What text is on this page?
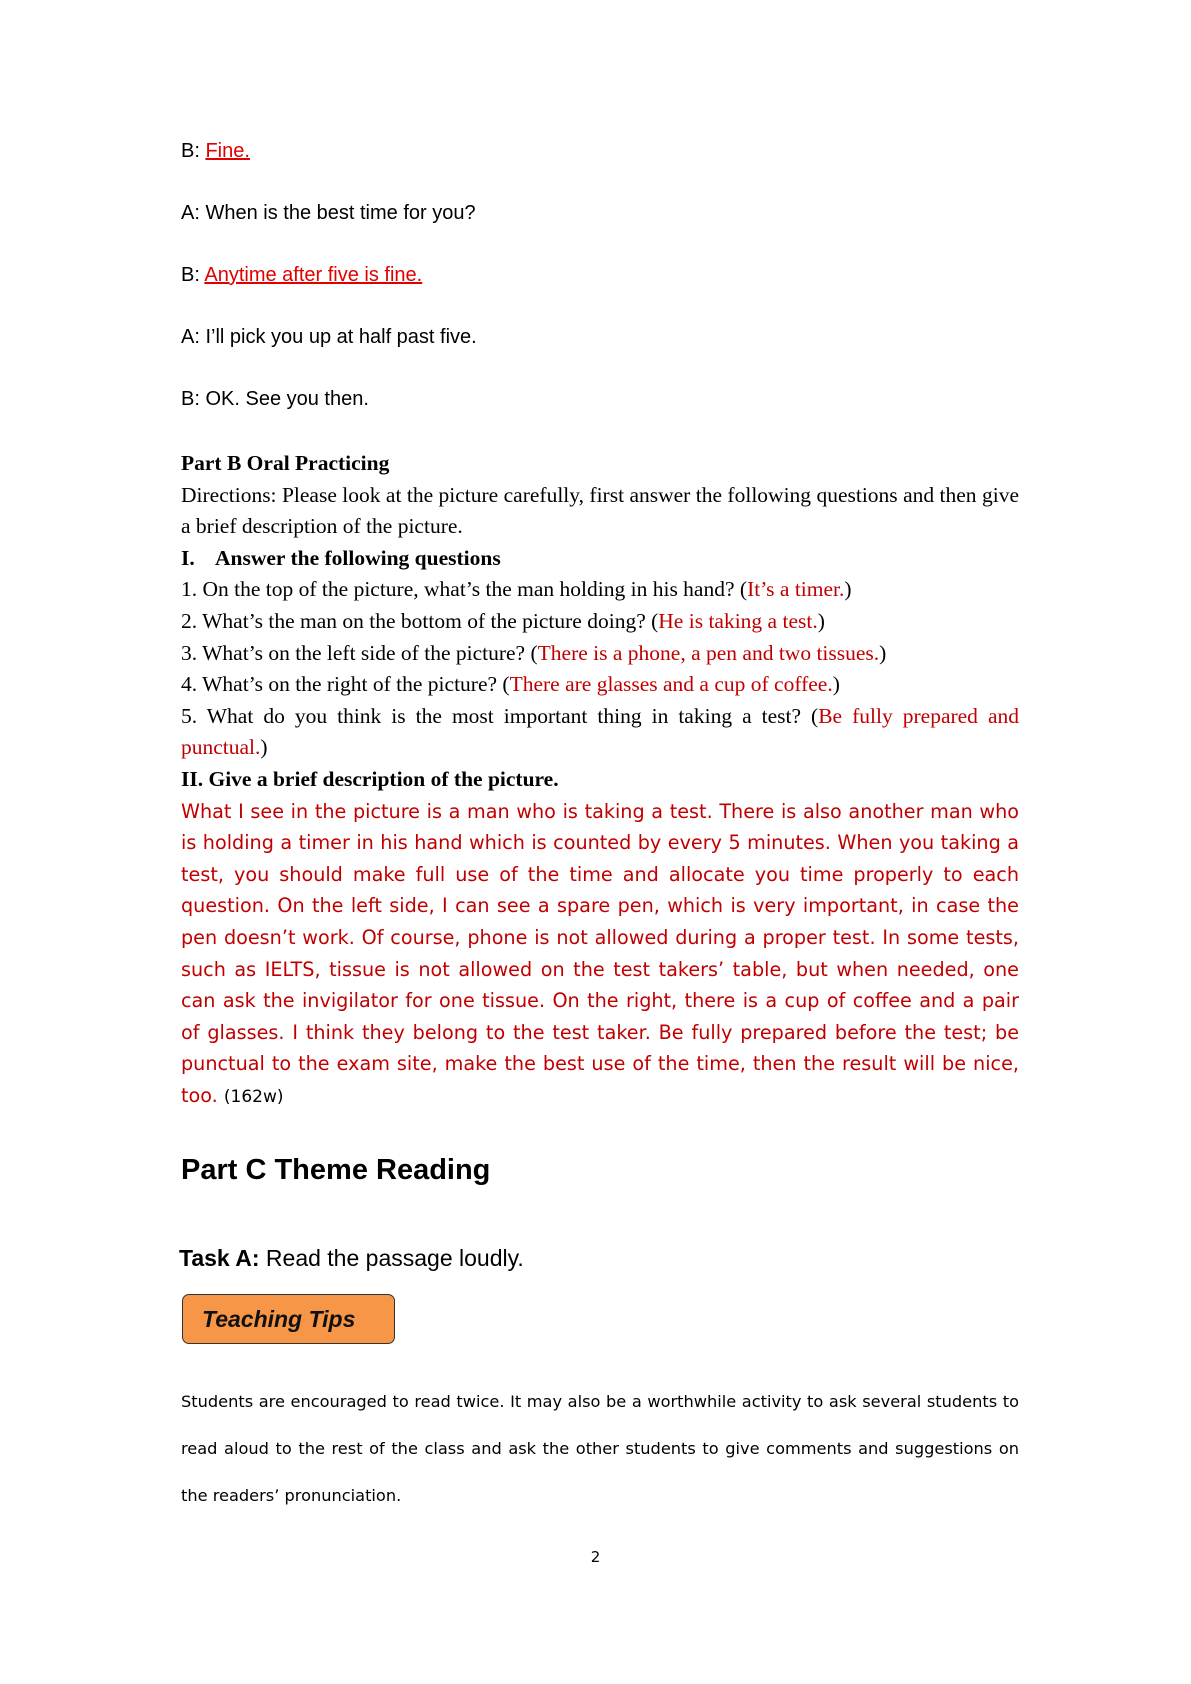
B: Fine.
A: When is the best time for you?
B: Anytime after five is fine.
A: I’ll pick you up at half past five.
B: OK. See you then.

Part B Oral Practicing

Directions: Please look at the picture carefully, first answer the following questions and then give a brief description of the picture.

I. Answer the following questions

1. On the top of the picture, what’s the man holding in his hand? (It’s a timer.)

2. What’s the man on the bottom of the picture doing? (He is taking a test.)

3. What’s on the left side of the picture? (There is a phone, a pen and two tissues.)

4. What’s on the right of the picture? (There are glasses and a cup of coffee.)

5. What do you think is the most important thing in taking a test? (Be fully prepared and punctual.)

II. Give a brief description of the picture.

What I see in the picture is a man who is taking a test. There is also another man who is holding a timer in his hand which is counted by every 5 minutes. When you taking a test, you should make full use of the time and allocate you time properly to each question. On the left side, I can see a spare pen, which is very important, in case the pen doesn’t work. Of course, phone is not allowed during a proper test. In some tests, such as IELTS, tissue is not allowed on the test takers’ table, but when needed, one can ask the invigilator for one tissue. On the right, there is a cup of coffee and a pair of glasses. I think they belong to the test taker. Be fully prepared before the test; be punctual to the exam site, make the best use of the time, then the result will be nice, too. (162w)

Part C Theme Reading
Task A: Read the passage loudly.
Teaching Tips

Students are encouraged to read twice. It may also be a worthwhile activity to ask several students to read aloud to the rest of the class and ask the other students to give comments and suggestions on the readers’ pronunciation.

2
